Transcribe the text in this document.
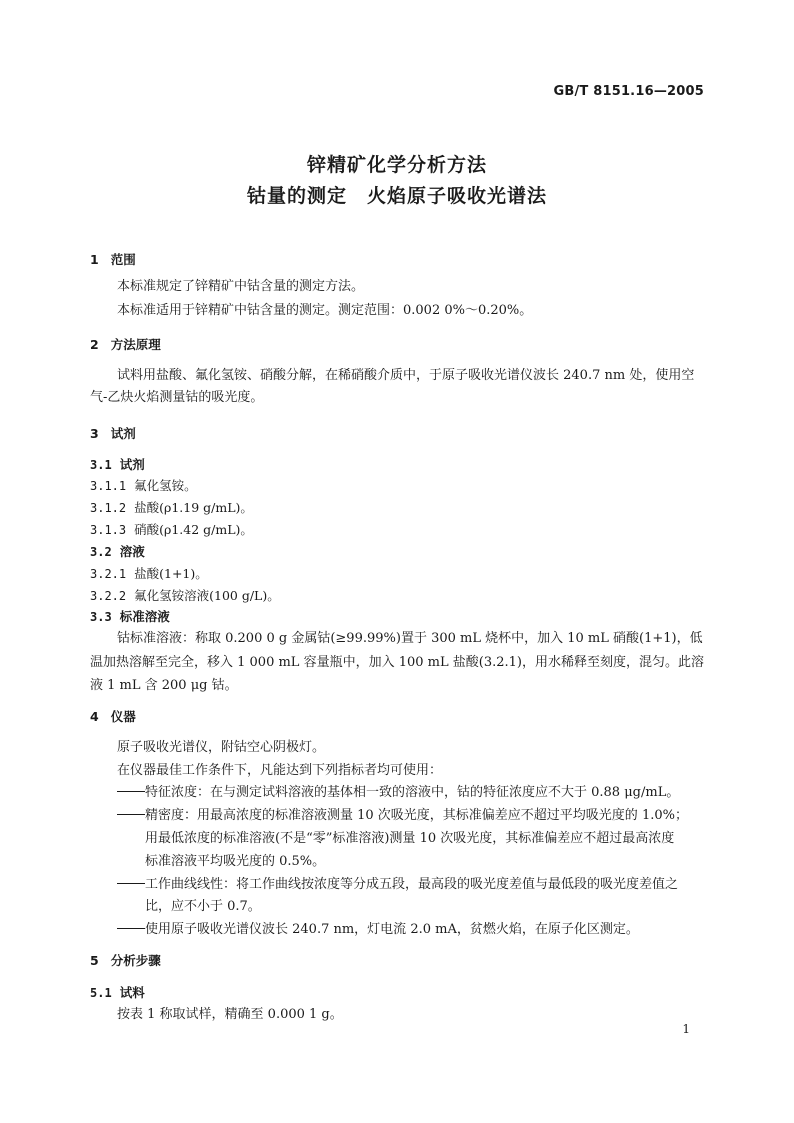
GB/T 8151.16—2005
锌精矿化学分析方法
钴量的测定　火焰原子吸收光谱法
1 范围
本标准规定了锌精矿中钴含量的测定方法。
本标准适用于锌精矿中钴含量的测定。测定范围：0.002 0%～0.20%。
2 方法原理
试料用盐酸、氟化氢铵、硝酸分解，在稀硝酸介质中，于原子吸收光谱仪波长 240.7 nm 处，使用空
气-乙炔火焰测量钴的吸光度。
3 试剂
3.1 试剂
3.1.1 氟化氢铵。
3.1.2 盐酸(ρ1.19 g/mL)。
3.1.3 硝酸(ρ1.42 g/mL)。
3.2 溶液
3.2.1 盐酸(1+1)。
3.2.2 氟化氢铵溶液(100 g/L)。
3.3 标准溶液
钴标准溶液：称取 0.200 0 g 金属钴(≥99.99%)置于 300 mL 烧杯中，加入 10 mL 硝酸(1+1)，低
温加热溶解至完全，移入 1 000 mL 容量瓶中，加入 100 mL 盐酸(3.2.1)，用水稀释至刻度，混匀。此溶
液 1 mL 含 200 μg 钴。
4 仪器
原子吸收光谱仪，附钴空心阴极灯。
在仪器最佳工作条件下，凡能达到下列指标者均可使用：
特征浓度：在与测定试料溶液的基体相一致的溶液中，钴的特征浓度应不大于 0.88 μg/mL。
精密度：用最高浓度的标准溶液测量 10 次吸光度，其标准偏差应不超过平均吸光度的 1.0%；
用最低浓度的标准溶液(不是“零”标准溶液)测量 10 次吸光度，其标准偏差应不超过最高浓度
标准溶液平均吸光度的 0.5%。
工作曲线线性：将工作曲线按浓度等分成五段，最高段的吸光度差值与最低段的吸光度差值之
比，应不小于 0.7。
使用原子吸收光谱仪波长 240.7 nm，灯电流 2.0 mA，贫燃火焰，在原子化区测定。
5 分析步骤
5.1 试料
按表 1 称取试样，精确至 0.000 1 g。
1
